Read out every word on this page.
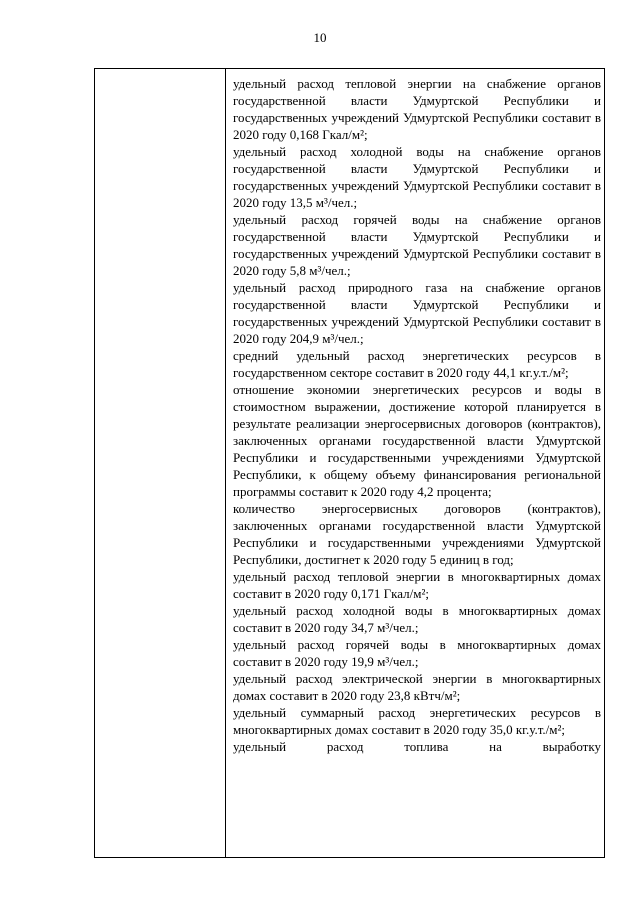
10

удельный расход тепловой энергии на снабжение органов государственной власти Удмуртской Республики и государственных учреждений Удмуртской Республики составит в 2020 году 0,168 Гкал/м²;

удельный расход холодной воды на снабжение органов государственной власти Удмуртской Республики и государственных учреждений Удмуртской Республики составит в 2020 году 13,5 м³/чел.;

удельный расход горячей воды на снабжение органов государственной власти Удмуртской Республики и государственных учреждений Удмуртской Республики составит в 2020 году 5,8 м³/чел.;

удельный расход природного газа на снабжение органов государственной власти Удмуртской Республики и государственных учреждений Удмуртской Республики составит в 2020 году 204,9 м³/чел.;

средний удельный расход энергетических ресурсов в государственном секторе составит в 2020 году 44,1 кг.у.т./м²;

отношение экономии энергетических ресурсов и воды в стоимостном выражении, достижение которой планируется в результате реализации энергосервисных договоров (контрактов), заключенных органами государственной власти Удмуртской Республики и государственными учреждениями Удмуртской Республики, к общему объему финансирования региональной программы составит к 2020 году 4,2 процента;

количество энергосервисных договоров (контрактов), заключенных органами государственной власти Удмуртской Республики и государственными учреждениями Удмуртской Республики, достигнет к 2020 году 5 единиц в год;

удельный расход тепловой энергии в многоквартирных домах составит в 2020 году 0,171 Гкал/м²;

удельный расход холодной воды в многоквартирных домах составит в 2020 году 34,7 м³/чел.;

удельный расход горячей воды в многоквартирных домах составит в 2020 году 19,9 м³/чел.;

удельный расход электрической энергии в многоквартирных домах составит в 2020 году 23,8 кВтч/м²;

удельный суммарный расход энергетических ресурсов в многоквартирных домах составит в 2020 году 35,0 кг.у.т./м²;

удельный расход топлива на выработку
